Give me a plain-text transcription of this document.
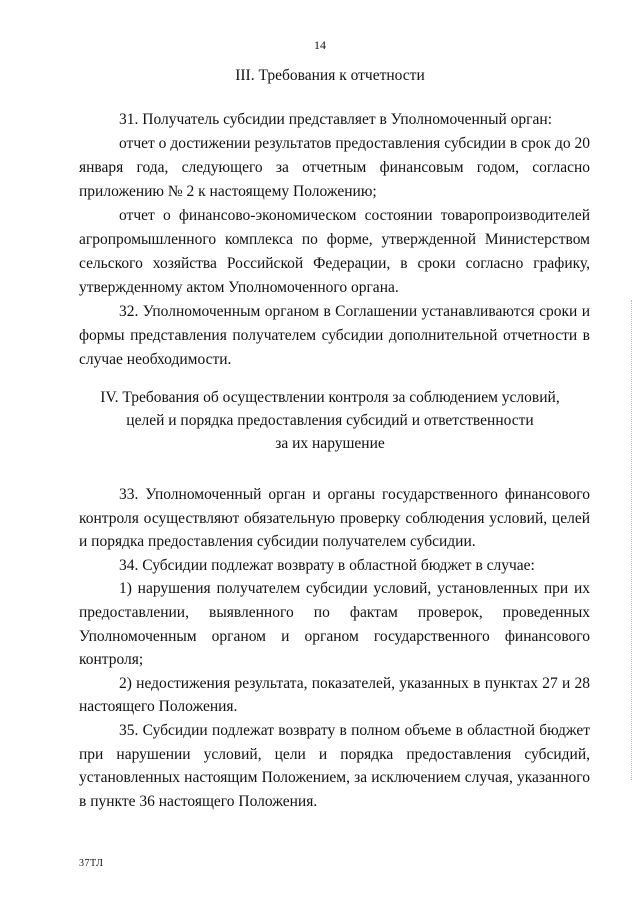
14
III. Требования к отчетности

31. Получатель субсидии представляет в Уполномоченный орган:

отчет о достижении результатов предоставления субсидии в срок до 20 января года, следующего за отчетным финансовым годом, согласно приложению № 2 к настоящему Положению;

отчет о финансово-экономическом состоянии товаропроизводителей агропромышленного комплекса по форме, утвержденной Министерством сельского хозяйства Российской Федерации, в сроки согласно графику, утвержденному актом Уполномоченного органа.

32. Уполномоченным органом в Соглашении устанавливаются сроки и формы представления получателем субсидии дополнительной отчетности в случае необходимости.

IV. Требования об осуществлении контроля за соблюдением условий,
целей и порядка предоставления субсидий и ответственности
за их нарушение

33. Уполномоченный орган и органы государственного финансового контроля осуществляют обязательную проверку соблюдения условий, целей и порядка предоставления субсидии получателем субсидии.

34. Субсидии подлежат возврату в областной бюджет в случае:

1) нарушения получателем субсидии условий, установленных при их предоставлении, выявленного по фактам проверок, проведенных Уполномоченным органом и органом государственного финансового контроля;

2) недостижения результата, показателей, указанных в пунктах 27 и 28 настоящего Положения.

35. Субсидии подлежат возврату в полном объеме в областной бюджет при нарушении условий, цели и порядка предоставления субсидий, установленных настоящим Положением, за исключением случая, указанного в пункте 36 настоящего Положения.

37ТЛ
